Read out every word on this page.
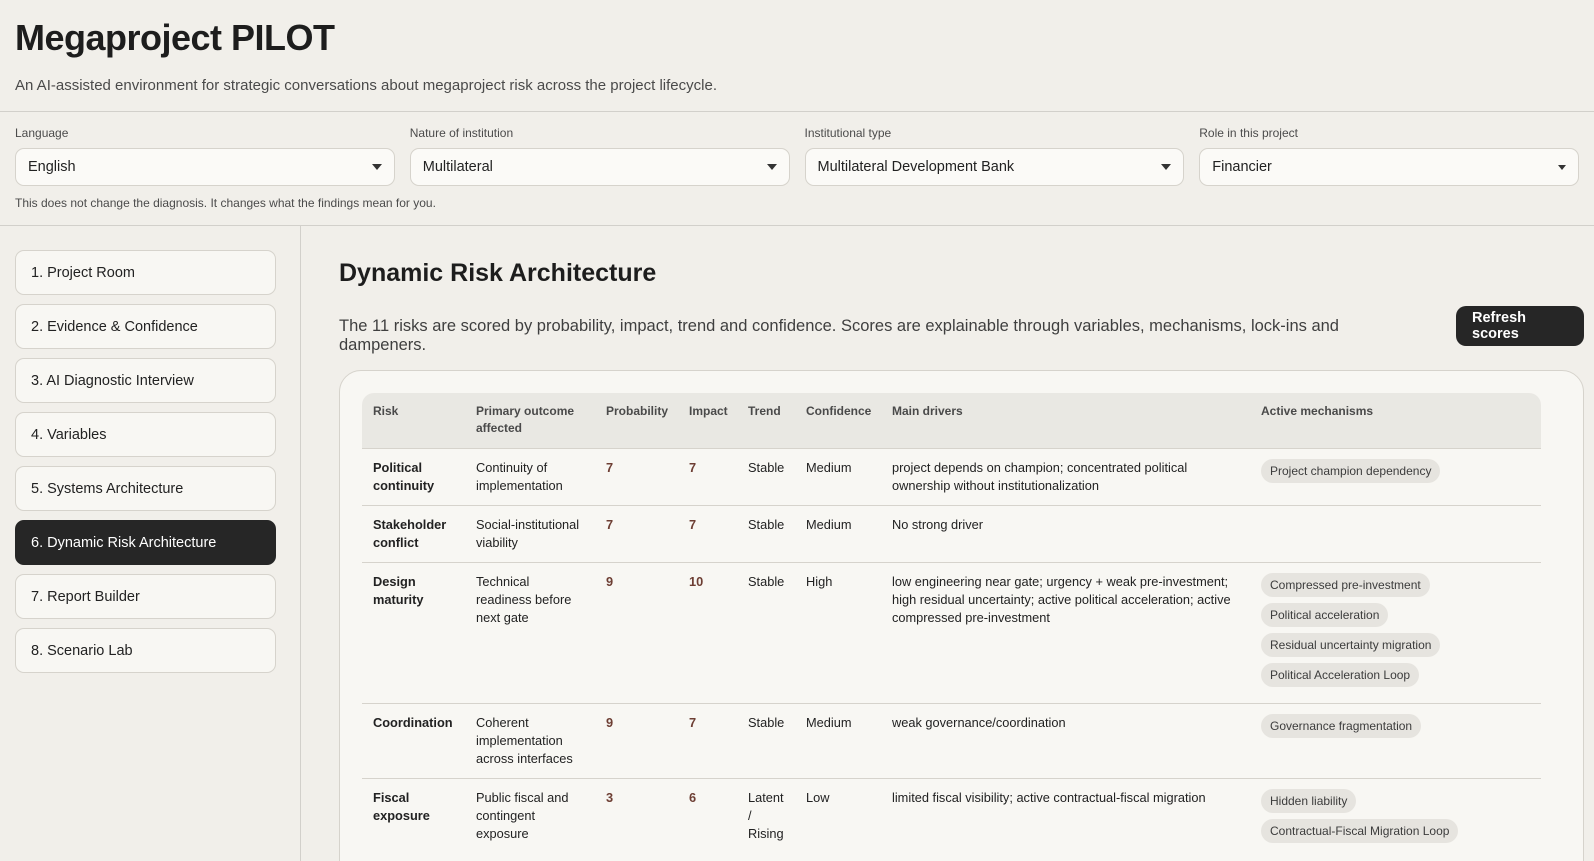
Megaproject PILOT
An AI-assisted environment for strategic conversations about megaproject risk across the project lifecycle.
Language
English
Nature of institution
Multilateral
Institutional type
Multilateral Development Bank
Role in this project
Financier
This does not change the diagnosis. It changes what the findings mean for you.
1. Project Room
2. Evidence & Confidence
3. AI Diagnostic Interview
4. Variables
5. Systems Architecture
6. Dynamic Risk Architecture
7. Report Builder
8. Scenario Lab
Dynamic Risk Architecture

The 11 risks are scored by probability, impact, trend and confidence. Scores are explainable through variables, mechanisms, lock-ins and dampeners.

Refresh scores
Risk	Primary outcome affected	Probability	Impact	Trend	Confidence	Main drivers	Active mechanisms
Political continuity	Continuity of implementation	7	7	Stable	Medium	project depends on champion; concentrated political ownership without institutionalization	Project champion dependency

Stakeholder conflict	Social-institutional viability	7	7	Stable	Medium	No strong driver	
Design maturity	Technical readiness before next gate	9	10	Stable	High	low engineering near gate; urgency + weak pre-investment; high residual uncertainty; active political acceleration; active compressed pre-investment	Compressed pre-investment
Political acceleration
Residual uncertainty migration
Political Acceleration Loop

Coordination	Coherent implementation across interfaces	9	7	Stable	Medium	weak governance/coordination	Governance fragmentation

Fiscal exposure	Public fiscal and contingent exposure	3	6	Latent / Rising	Low	limited fiscal visibility; active contractual-fiscal migration	Hidden liability
Contractual-Fiscal Migration Loop
